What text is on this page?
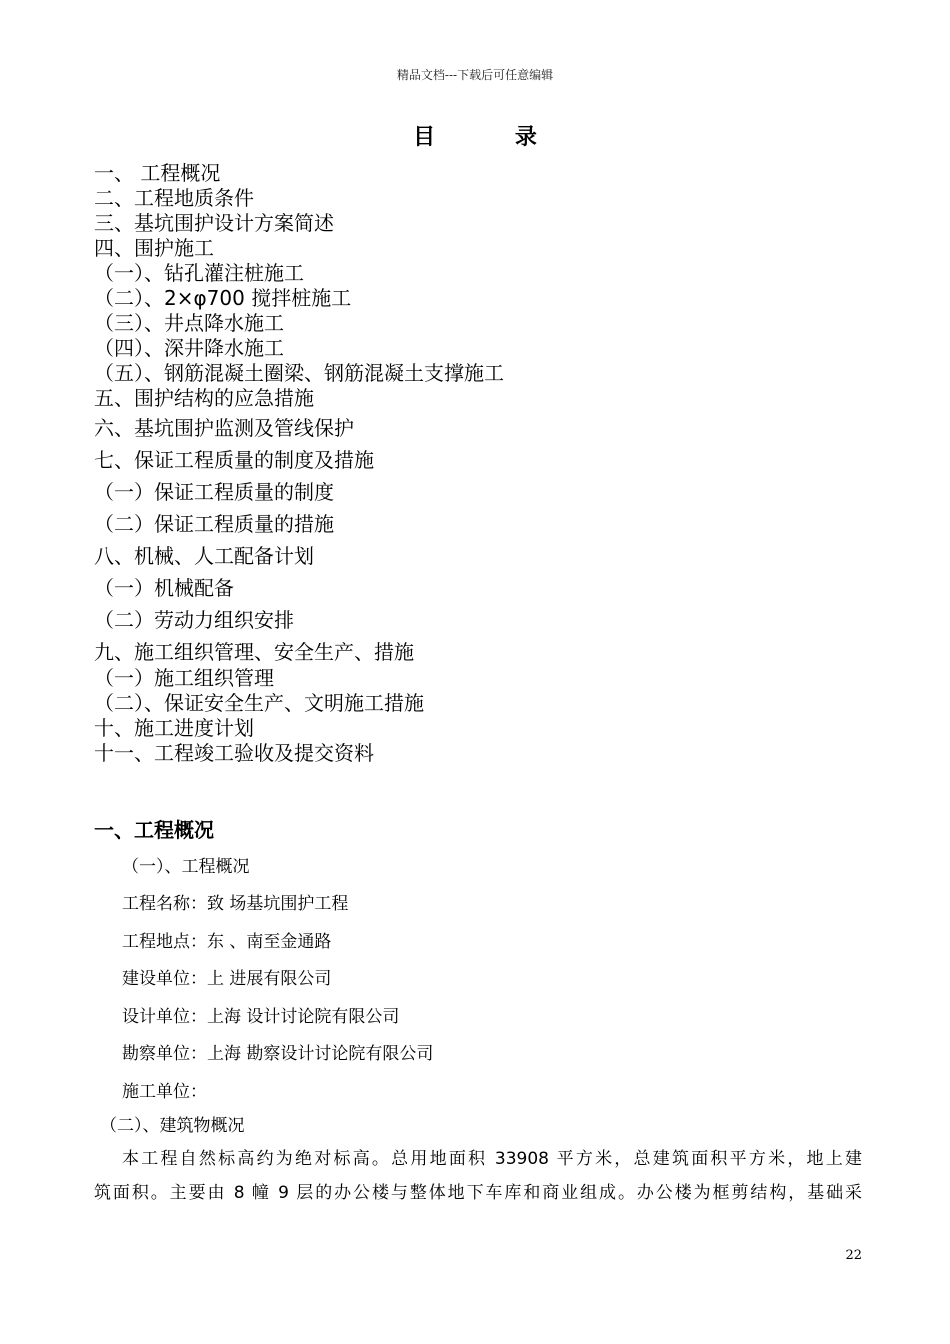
精品文档---下载后可任意编辑
目 录
一、 工程概况
二、工程地质条件
三、基坑围护设计方案简述
四、围护施工
（一）、钻孔灌注桩施工
（二）、2×φ700 搅拌桩施工
（三）、井点降水施工
（四）、深井降水施工
（五）、钢筋混凝土圈梁、钢筋混凝土支撑施工
五、围护结构的应急措施
六、基坑围护监测及管线保护
七、保证工程质量的制度及措施
（一）保证工程质量的制度
（二）保证工程质量的措施
八、机械、人工配备计划
（一）机械配备
（二）劳动力组织安排
九、施工组织管理、安全生产、措施
（一）施工组织管理
（二）、保证安全生产、文明施工措施
十、施工进度计划
十一、工程竣工验收及提交资料
一、工程概况
（一）、工程概况
工程名称：致 场基坑围护工程
工程地点：东 、南至金通路
建设单位：上 进展有限公司
设计单位：上海 设计讨论院有限公司
勘察单位：上海 勘察设计讨论院有限公司
施工单位：
（二）、建筑物概况
本工程自然标高约为绝对标高。总用地面积 33908 平方米，总建筑面积平方米，地上建
筑面积。主要由 8 幢 9 层的办公楼与整体地下车库和商业组成。办公楼为框剪结构，基础采
22
